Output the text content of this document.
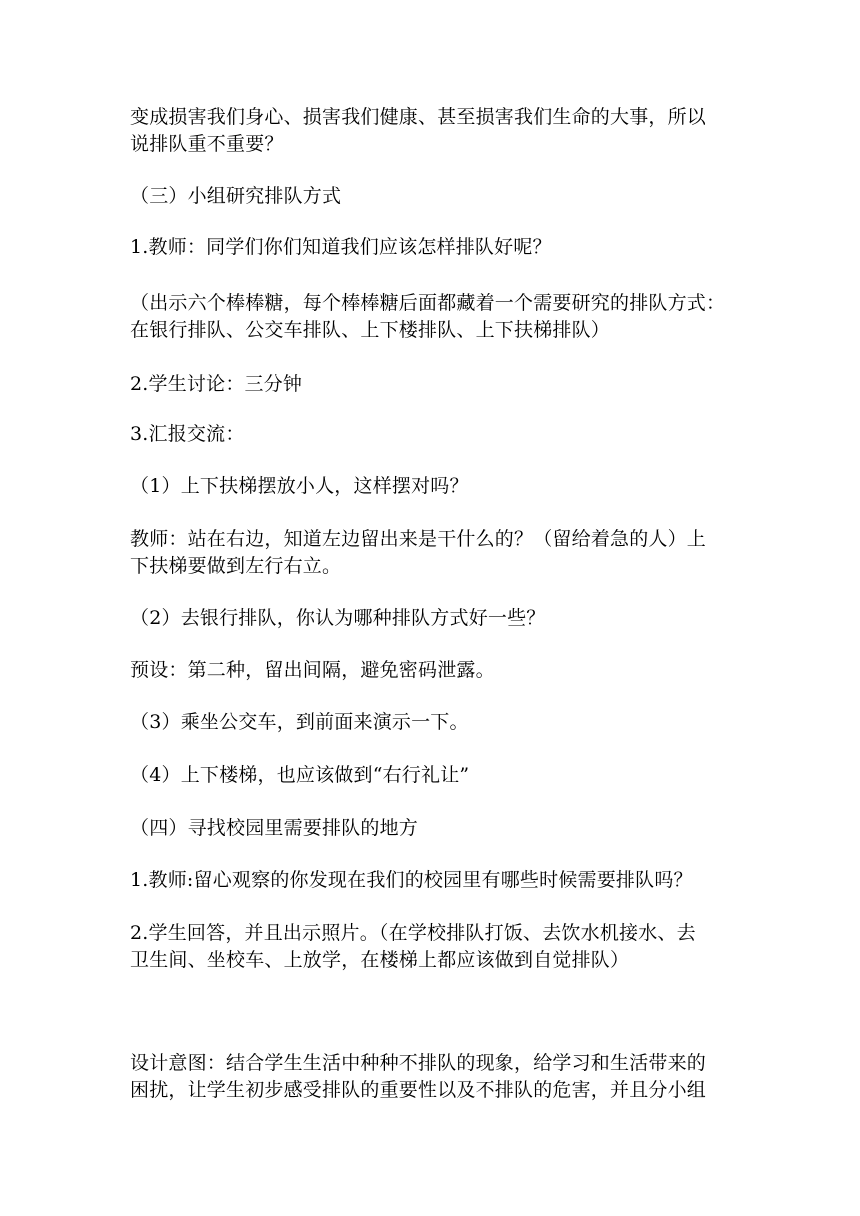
变成损害我们身心、损害我们健康、甚至损害我们生命的大事，所以
说排队重不重要？
（三）小组研究排队方式
1.教师：同学们你们知道我们应该怎样排队好呢？
（出示六个棒棒糖，每个棒棒糖后面都藏着一个需要研究的排队方式：
在银行排队、公交车排队、上下楼排队、上下扶梯排队）
2.学生讨论：三分钟
3.汇报交流：
（1）上下扶梯摆放小人，这样摆对吗？
教师：站在右边，知道左边留出来是干什么的？（留给着急的人）上
下扶梯要做到左行右立。
（2）去银行排队，你认为哪种排队方式好一些？
预设：第二种，留出间隔，避免密码泄露。
（3）乘坐公交车，到前面来演示一下。
（4）上下楼梯，也应该做到“右行礼让”
（四）寻找校园里需要排队的地方
1.教师:留心观察的你发现在我们的校园里有哪些时候需要排队吗？
2.学生回答，并且出示照片。（在学校排队打饭、去饮水机接水、去
卫生间、坐校车、上放学，在楼梯上都应该做到自觉排队）
设计意图：结合学生生活中种种不排队的现象，给学习和生活带来的
困扰，让学生初步感受排队的重要性以及不排队的危害，并且分小组
